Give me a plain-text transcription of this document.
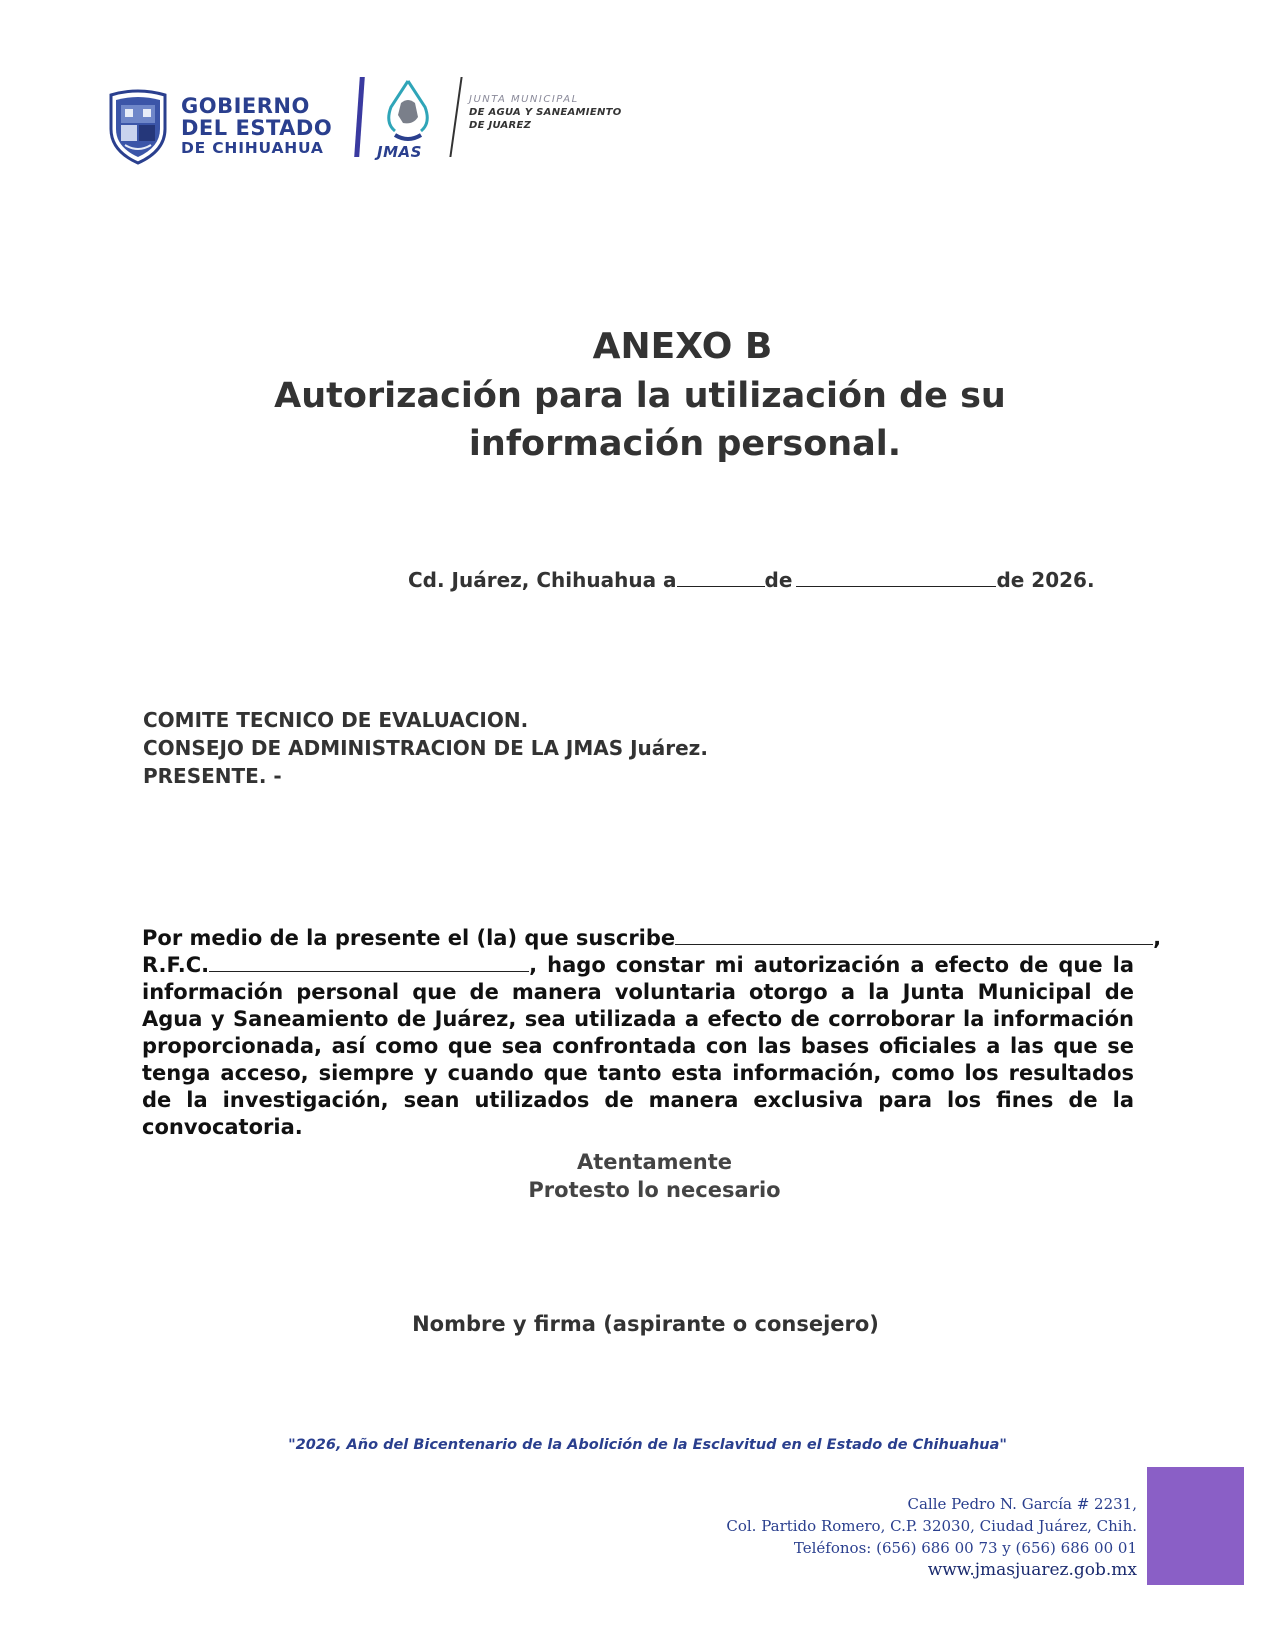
GOBIERNO
DEL ESTADO
DE CHIHUAHUA	JMAS
JUNTA MUNICIPAL
DE AGUA Y SANEAMIENTO
DE JUAREZ
ANEXO B
Autorización para la utilización de su
información personal.
Cd. Juárez, Chihuahua a	de	de 2026.
COMITE TECNICO DE EVALUACION.
CONSEJO DE ADMINISTRACION DE LA JMAS Juárez.
PRESENTE. -
Por medio de la presente el (la) que suscribe	,
R.F.C.	, hago constar mi autorización a efecto de que la información personal que de manera voluntaria otorgo a la Junta Municipal de Agua y Saneamiento de Juárez, sea utilizada a efecto de corroborar la información proporcionada, así como que sea confrontada con las bases oficiales a las que se tenga acceso, siempre y cuando que tanto esta información, como los resultados de la investigación, sean utilizados de manera exclusiva para los fines de la convocatoria.
Atentamente
Protesto lo necesario
Nombre y firma (aspirante o consejero)
"2026, Año del Bicentenario de la Abolición de la Esclavitud en el Estado de Chihuahua"
Calle Pedro N. García # 2231,
Col. Partido Romero, C.P. 32030, Ciudad Juárez, Chih.
Teléfonos: (656) 686 00 73 y (656) 686 00 01
www.jmasjuarez.gob.mx
